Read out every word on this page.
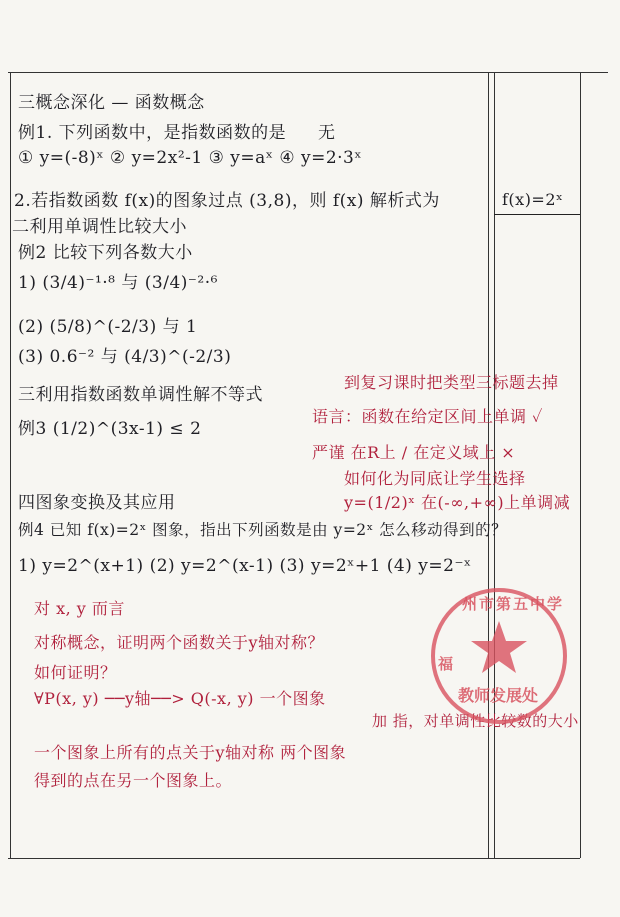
三概念深化 — 函数概念
例1. 下列函数中，是指数函数的是 无
① y=(-8)ˣ ② y=2x²-1 ③ y=aˣ ④ y=2·3ˣ
2.若指数函数 f(x)的图象过点 (3,8)，则 f(x) 解析式为	f(x)=2ˣ
二利用单调性比较大小
例2 比较下列各数大小
1) (3/4)⁻¹·⁸ 与 (3/4)⁻²·⁶
(2) (5/8)^(-2/3) 与 1
(3) 0.6⁻² 与 (4/3)^(-2/3)
三利用指数函数单调性解不等式
例3 (1/2)^(3x-1) ≤ 2
四图象变换及其应用
例4 已知 f(x)=2ˣ 图象，指出下列函数是由 y=2ˣ 怎么移动得到的？
1) y=2^(x+1) (2) y=2^(x-1) (3) y=2ˣ+1 (4) y=2⁻ˣ
对 x, y 而言
对称概念，证明两个函数关于y轴对称？
如何证明？
∀P(x, y) ──y轴──> Q(-x, y) 一个图象
一个图象上所有的点关于y轴对称 两个图象
得到的点在另一个图象上。
到复习课时把类型三标题去掉
语言：函数在给定区间上单调 ✓
严谨 在R上 / 在定义域上 ×
如何化为同底让学生选择
y=(1/2)ˣ 在(-∞,+∞)上单调减
加 指，对单调性比较数的大小
州市第五中学
福
教师发展处
